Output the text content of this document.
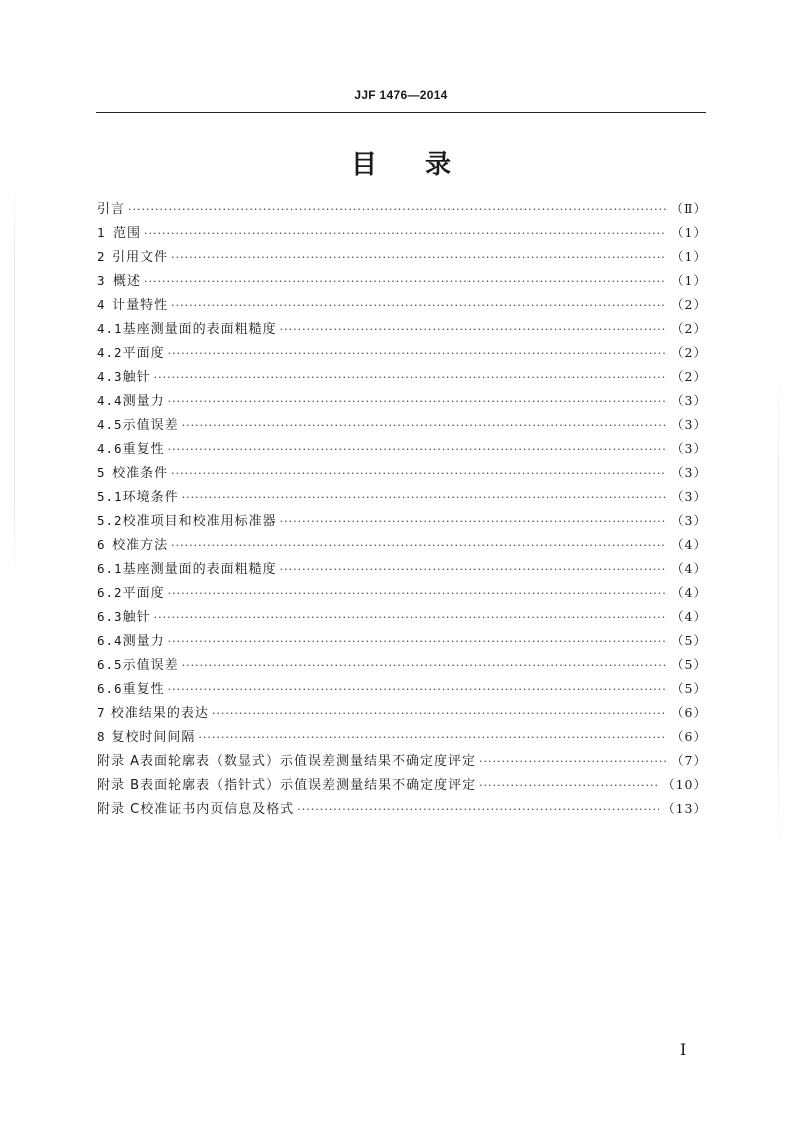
JJF 1476—2014
目 录
引言 ·····	（Ⅱ）
1 范围 ·····	（1）
2 引用文件 ·····	（1）
3 概述 ·····	（1）
4 计量特性 ·····	（2）
4.1 基座测量面的表面粗糙度 ·····	（2）
4.2 平面度 ·····	（2）
4.3 触针 ·····	（2）
4.4 测量力 ·····	（3）
4.5 示值误差 ·····	（3）
4.6 重复性 ·····	（3）
5 校准条件 ·····	（3）
5.1 环境条件 ·····	（3）
5.2 校准项目和校准用标准器 ·····	（3）
6 校准方法 ·····	（4）
6.1 基座测量面的表面粗糙度 ·····	（4）
6.2 平面度 ·····	（4）
6.3 触针 ·····	（4）
6.4 测量力 ·····	（5）
6.5 示值误差 ·····	（5）
6.6 重复性 ·····	（5）
7 校准结果的表达 ·····	（6）
8 复校时间间隔 ·····	（6）
附录 A 表面轮廓表（数显式）示值误差测量结果不确定度评定 ·····	（7）
附录 B 表面轮廓表（指针式）示值误差测量结果不确定度评定 ·····	（10）
附录 C 校准证书内页信息及格式 ·····	（13）
I
